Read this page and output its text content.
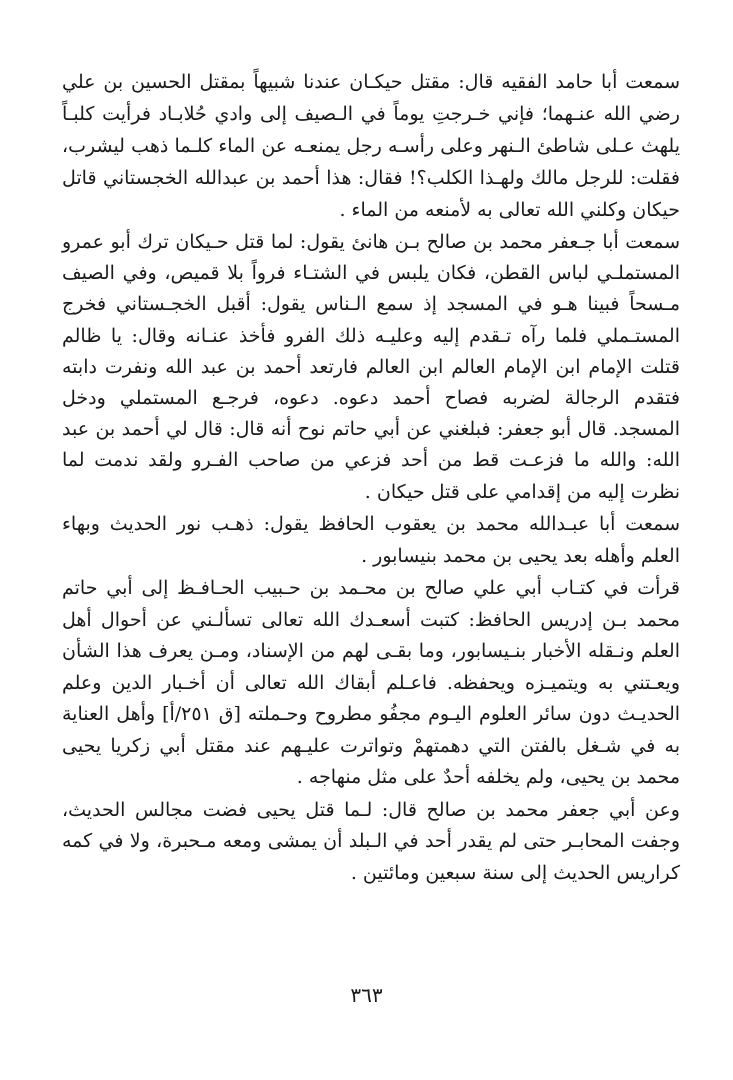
سمعت أبا حامد الفقيه قال: مقتل حيكـان عندنا شبيهاً بمقتل الحسين بن علي رضي الله عنـهما؛ فإني خـرجتِ يوماً في الـصيف إلى وادي حُلابـاد فرأيت كلبـاً يلهث عـلى شاطئ الـنهر وعلى رأسـه رجل يمنعـه عن الماء كلـما ذهب ليشرب، فقلت: للرجل مالك ولهـذا الكلب؟! فقال: هذا أحمد بن عبدالله الخجستاني قاتل حيكان وكلني الله تعالى به لأمنعه من الماء .

سمعت أبا جـعفر محمد بن صالح بـن هانئ يقول: لما قتل حـيكان ترك أبو عمرو المستملـي لباس القطن، فكان يلبس في الشتـاء فرواً بلا قميص، وفي الصيف مـسحاً فبينا هـو في المسجد إذ سمع الـناس يقول: أقبل الخجـستاني فخرج المستـملي فلما رآه تـقدم إليه وعليـه ذلك الفرو فأخذ عنـانه وقال: يا ظالم قتلت الإمام ابن الإمام العالم ابن العالم فارتعد أحمد بن عبد الله ونفرت دابته فتقدم الرجالة لضربه فصاح أحمد دعوه. دعوه، فرجـع المستملي ودخل المسجد. قال أبو جعفر: فبلغني عن أبي حاتم نوح أنه قال: قال لي أحمد بن عبد الله: والله ما فزعـت قط من أحد فزعي من صاحب الفـرو ولقد ندمت لما نظرت إليه من إقدامي على قتل حيكان .

سمعت أبا عبـدالله محمد بن يعقوب الحافظ يقول: ذهـب نور الحديث وبهاء العلم وأهله بعد يحيى بن محمد بنيسابور .

قرأت في كتـاب أبي علي صالح بن محـمد بن حـبيب الحـافـظ إلى أبي حاتم محمد بـن إدريس الحافظ: كتبت أسعـدك الله تعالى تسألـني عن أحوال أهل العلم ونـقله الأخبار بنـيسابور، وما بقـى لهم من الإسناد، ومـن يعرف هذا الشأن ويعـتني به ويتميـزه ويحفظه. فاعـلم أبقاك الله تعالى أن أخـبار الدين وعلم الحديـث دون سائر العلوم اليـوم مجفُو مطروح وحـملته [ق ٢٥١/أ] وأهل العناية به في شـغل بالفتن التي دهمتهمْ وتواترت عليـهم عند مقتل أبي زكريا يحيى محمد بن يحيى، ولم يخلفه أحدٌ على مثل منهاجه .

وعن أبي جعفر محمد بن صالح قال: لـما قتل يحيى فضت مجالس الحديث، وجفت المحابـر حتى لم يقدر أحد في الـبلد أن يمشى ومعه مـحبرة، ولا في كمه كراريس الحديث إلى سنة سبعين ومائتين .

٣٦٣
